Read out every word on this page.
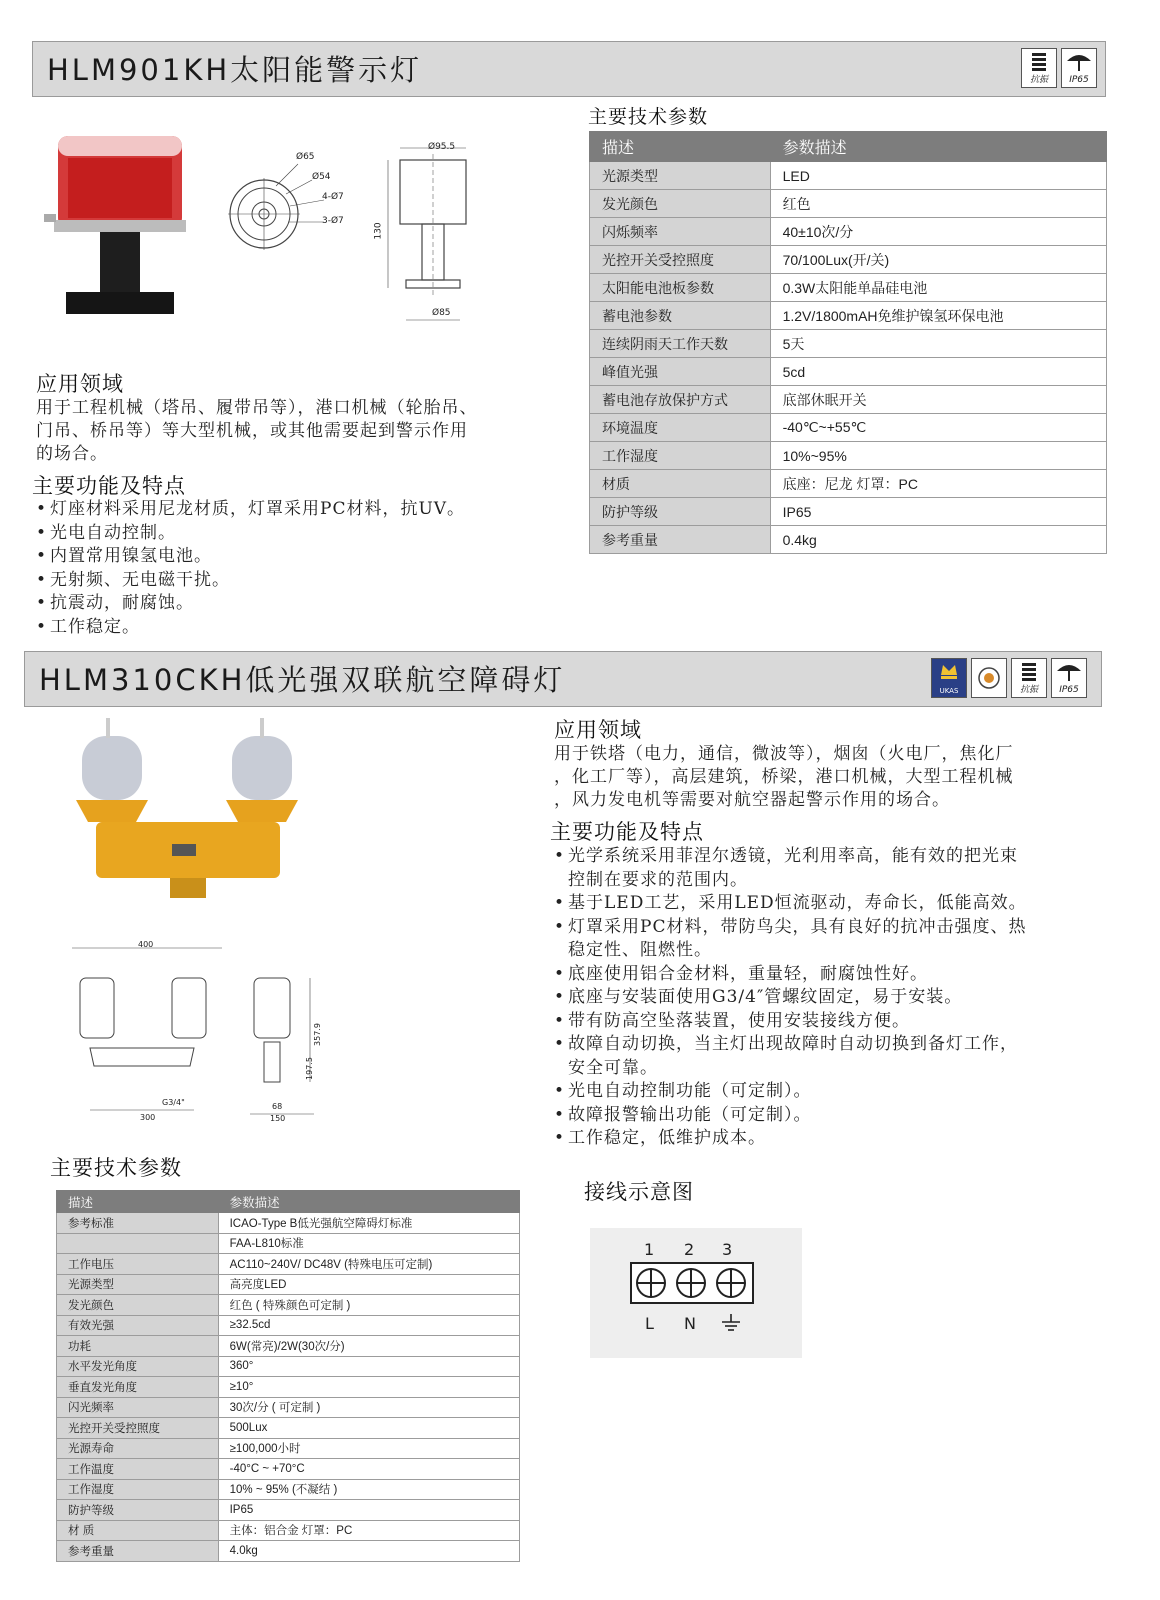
HLM901KH太阳能警示灯	抗振	IP65
Ø65
Ø54
4-Ø7
3-Ø7
Ø95.5
130
Ø85
应用领域
用于工程机械（塔吊、履带吊等），港口机械（轮胎吊、
门吊、桥吊等）等大型机械，或其他需要起到警示作用
的场合。
主要功能及特点
• 灯座材料采用尼龙材质，灯罩采用PC材料，抗UV。
• 光电自动控制。
• 内置常用镍氢电池。
• 无射频、无电磁干扰。
• 抗震动，耐腐蚀。
• 工作稳定。
主要技术参数
描述	参数描述
光源类型	LED
发光颜色	红色
闪烁频率	40±10次/分
光控开关受控照度	70/100Lux(开/关)
太阳能电池板参数	0.3W太阳能单晶硅电池
蓄电池参数	1.2V/1800mAH免维护镍氢环保电池
连续阴雨天工作天数	5天
峰值光强	5cd
蓄电池存放保护方式	底部休眠开关
环境温度	-40℃~+55℃
工作湿度	10%~95%
材质	底座：尼龙 灯罩：PC
防护等级	IP65
参考重量	0.4kg
HLM310CKH低光强双联航空障碍灯	UKAS	抗振	IP65
400
300
G3/4"
357.9
197.5
68
150
应用领域
用于铁塔（电力，通信，微波等），烟囱（火电厂，焦化厂
，化工厂等），高层建筑，桥梁，港口机械，大型工程机械
，风力发电机等需要对航空器起警示作用的场合。
主要功能及特点
• 光学系统采用菲涅尔透镜，光利用率高，能有效的把光束
控制在要求的范围内。
• 基于LED工艺，采用LED恒流驱动，寿命长，低能高效。
• 灯罩采用PC材料，带防鸟尖，具有良好的抗冲击强度、热
稳定性、阻燃性。
• 底座使用铝合金材料，重量轻，耐腐蚀性好。
• 底座与安装面使用G3/4″管螺纹固定，易于安装。
• 带有防高空坠落装置，使用安装接线方便。
• 故障自动切换，当主灯出现故障时自动切换到备灯工作，
安全可靠。
• 光电自动控制功能（可定制）。
• 故障报警输出功能（可定制）。
• 工作稳定，低维护成本。
主要技术参数
描述	参数描述
参考标准	ICAO-Type B低光强航空障碍灯标准
	FAA-L810标准
工作电压	AC110~240V/ DC48V (特殊电压可定制)
光源类型	高亮度LED
发光颜色	红色 ( 特殊颜色可定制 )
有效光强	≥32.5cd
功耗	6W(常亮)/2W(30次/分)
水平发光角度	360°
垂直发光角度	≥10°
闪光频率	30次/分 ( 可定制 )
光控开关受控照度	500Lux
光源寿命	≥100,000小时
工作温度	-40°C ~ +70°C
工作湿度	10% ~ 95% (不凝结 )
防护等级	IP65
材 质	主体：铝合金 灯罩：PC
参考重量	4.0kg
接线示意图
1 2 3
L N
